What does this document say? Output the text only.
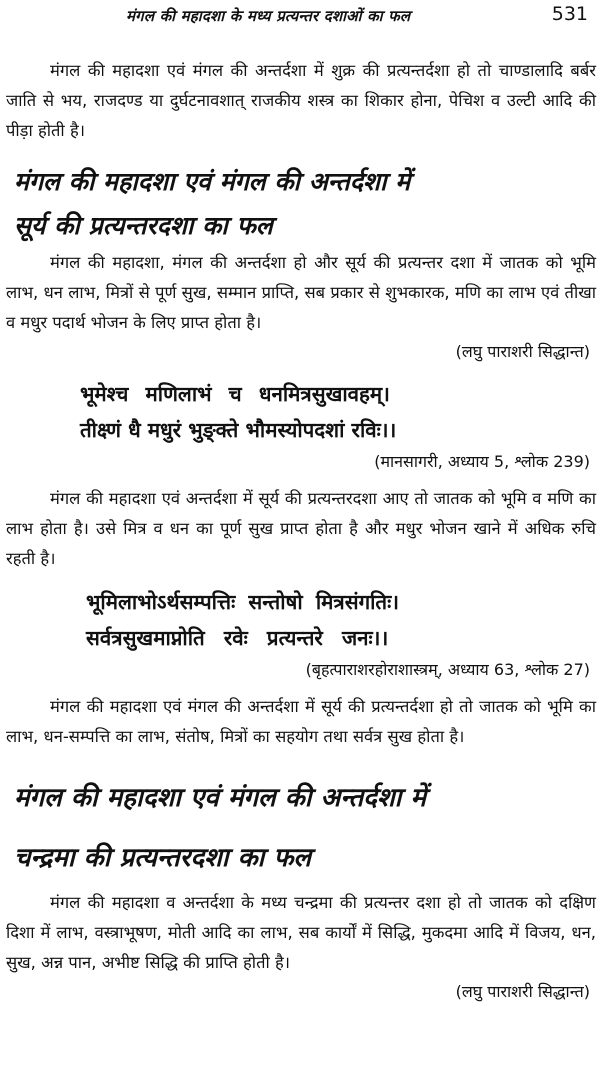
मंगल की महादशा के मध्य प्रत्यन्तर दशाओं का फल	531

मंगल की महादशा एवं मंगल की अन्तर्दशा में शुक्र की प्रत्यन्तर्दशा हो तो चाण्डालादि बर्बर जाति से भय, राजदण्ड या दुर्घटनावशात् राजकीय शस्त्र का शिकार होना, पेचिश व उल्टी आदि की पीड़ा होती है।

मंगल की महादशा एवं मंगल की अन्तर्दशा में
सूर्य की प्रत्यन्तरदशा का फल

मंगल की महादशा, मंगल की अन्तर्दशा हो और सूर्य की प्रत्यन्तर दशा में जातक को भूमि लाभ, धन लाभ, मित्रों से पूर्ण सुख, सम्मान प्राप्ति, सब प्रकार से शुभकारक, मणि का लाभ एवं तीखा व मधुर पदार्थ भोजन के लिए प्राप्त होता है।

(लघु पाराशरी सिद्धान्त)

भूमेश्च मणिलाभं च धनमित्रसुखावहम्।

तीक्ष्णं धै मधुरं भुङ्क्ते भौमस्योपदशां रविः।।

(मानसागरी, अध्याय 5, श्लोक 239)

मंगल की महादशा एवं अन्तर्दशा में सूर्य की प्रत्यन्तरदशा आए तो जातक को भूमि व मणि का लाभ होता है। उसे मित्र व धन का पूर्ण सुख प्राप्त होता है और मधुर भोजन खाने में अधिक रुचि रहती है।

भूमिलाभोऽर्थसम्पत्तिः सन्तोषो मित्रसंगतिः।

सर्वत्रसुखमाप्नोति रवेः प्रत्यन्तरे जनः।।

(बृहत्पाराशरहोराशास्त्रम्, अध्याय 63, श्लोक 27)

मंगल की महादशा एवं मंगल की अन्तर्दशा में सूर्य की प्रत्यन्तर्दशा हो तो जातक को भूमि का लाभ, धन-सम्पत्ति का लाभ, संतोष, मित्रों का सहयोग तथा सर्वत्र सुख होता है।

मंगल की महादशा एवं मंगल की अन्तर्दशा में
चन्द्रमा की प्रत्यन्तरदशा का फल

मंगल की महादशा व अन्तर्दशा के मध्य चन्द्रमा की प्रत्यन्तर दशा हो तो जातक को दक्षिण दिशा में लाभ, वस्त्राभूषण, मोती आदि का लाभ, सब कार्यों में सिद्धि, मुकदमा आदि में विजय, धन, सुख, अन्न पान, अभीष्ट सिद्धि की प्राप्ति होती है।

(लघु पाराशरी सिद्धान्त)
